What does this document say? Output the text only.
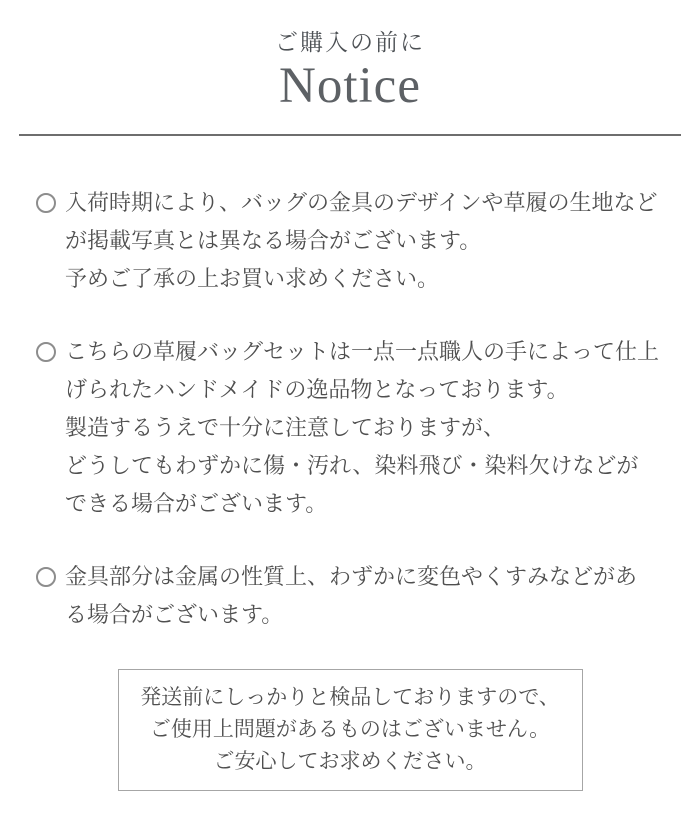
ご購入の前に
Notice
入荷時期により、バッグの金具のデザインや草履の生地など
が掲載写真とは異なる場合がございます。
予めご了承の上お買い求めください。
こちらの草履バッグセットは一点一点職人の手によって仕上
げられたハンドメイドの逸品物となっております。
製造するうえで十分に注意しておりますが、
どうしてもわずかに傷・汚れ、染料飛び・染料欠けなどが
できる場合がございます。
金具部分は金属の性質上、わずかに変色やくすみなどがあ
る場合がございます。
発送前にしっかりと検品しておりますので、
ご使用上問題があるものはございません。
ご安心してお求めください。
